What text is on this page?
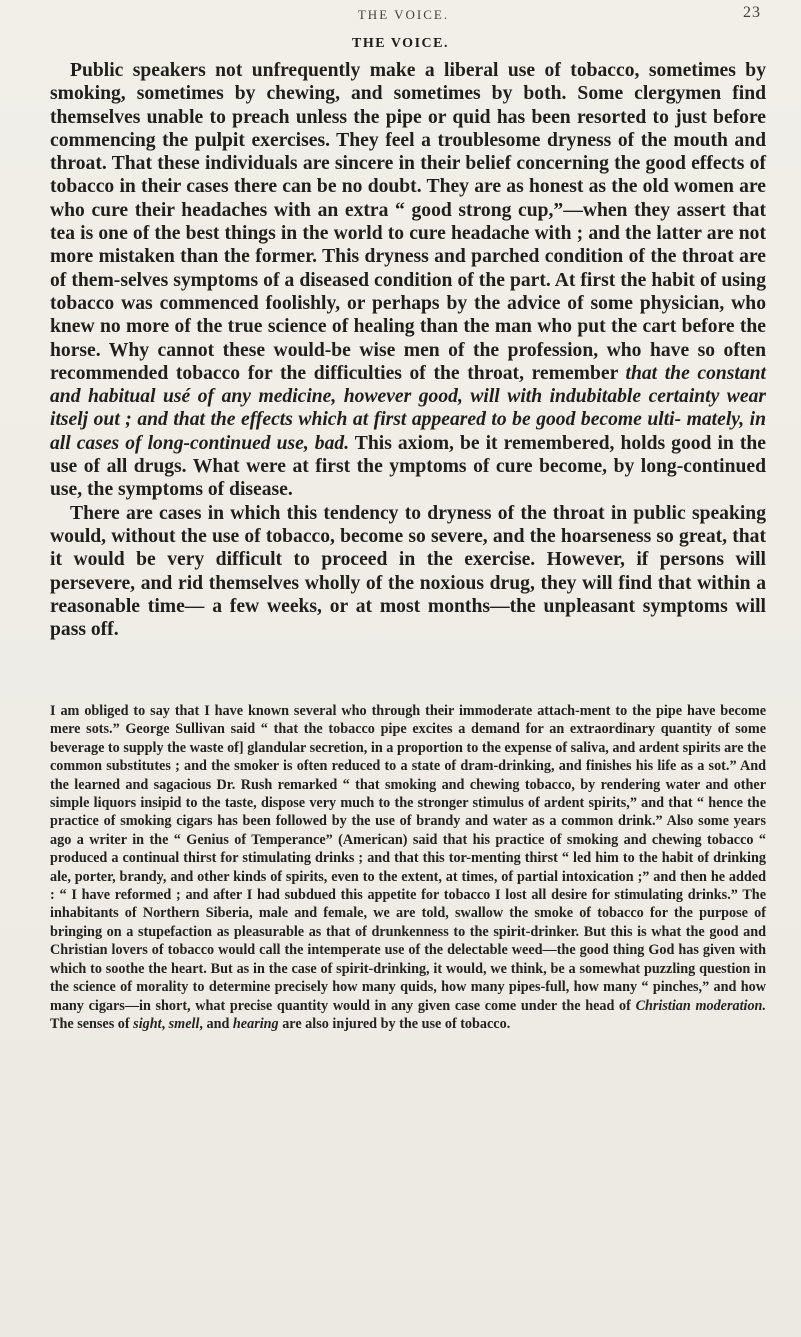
THE VOICE.	23
THE VOICE.

Public speakers not unfrequently make a liberal use of tobacco, sometimes by smoking, sometimes by chewing, and sometimes by both. Some clergymen find themselves unable to preach unless the pipe or quid has been resorted to just before commencing the pulpit exercises. They feel a troublesome dryness of the mouth and throat. That these individuals are sincere in their belief concerning the good effects of tobacco in their cases there can be no doubt. They are as honest as the old women are who cure their headaches with an extra “ good strong cup,”—when they assert that tea is one of the best things in the world to cure headache with ; and the latter are not more mistaken than the former. This dryness and parched condition of the throat are of them-selves symptoms of a diseased condition of the part. At first the habit of using tobacco was commenced foolishly, or perhaps by the advice of some physician, who knew no more of the true science of healing than the man who put the cart before the horse. Why cannot these would-be wise men of the profession, who have so often recommended tobacco for the difficulties of the throat, remember that the constant and habitual usé of any medicine, however good, will with indubitable certainty wear itselj out ; and that the effects which at first appeared to be good become ulti- mately, in all cases of long-continued use, bad. This axiom, be it remembered, holds good in the use of all drugs. What were at first the ymptoms of cure become, by long-continued use, the symptoms of disease.

There are cases in which this tendency to dryness of the throat in public speaking would, without the use of tobacco, become so severe, and the hoarseness so great, that it would be very difficult to proceed in the exercise. However, if persons will persevere, and rid themselves wholly of the noxious drug, they will find that within a reasonable time— a few weeks, or at most months—the unpleasant symptoms will pass off.

I am obliged to say that I have known several who through their immoderate attach-ment to the pipe have become mere sots.” George Sullivan said “ that the tobacco pipe excites a demand for an extraordinary quantity of some beverage to supply the waste of] glandular secretion, in a proportion to the expense of saliva, and ardent spirits are the common substitutes ; and the smoker is often reduced to a state of dram-drinking, and finishes his life as a sot.” And the learned and sagacious Dr. Rush remarked “ that smoking and chewing tobacco, by rendering water and other simple liquors insipid to the taste, dispose very much to the stronger stimulus of ardent spirits,” and that “ hence the practice of smoking cigars has been followed by the use of brandy and water as a common drink.” Also some years ago a writer in the “ Genius of Temperance” (American) said that his practice of smoking and chewing tobacco “ produced a continual thirst for stimulating drinks ; and that this tor-menting thirst “ led him to the habit of drinking ale, porter, brandy, and other kinds of spirits, even to the extent, at times, of partial intoxication ;” and then he added : “ I have reformed ; and after I had subdued this appetite for tobacco I lost all desire for stimulating drinks.” The inhabitants of Northern Siberia, male and female, we are told, swallow the smoke of tobacco for the purpose of bringing on a stupefaction as pleasurable as that of drunkenness to the spirit-drinker. But this is what the good and Christian lovers of tobacco would call the intemperate use of the delectable weed—the good thing God has given with which to soothe the heart. But as in the case of spirit-drinking, it would, we think, be a somewhat puzzling question in the science of morality to determine precisely how many quids, how many pipes-full, how many “ pinches,” and how many cigars—in short, what precise quantity would in any given case come under the head of Christian moderation. The senses of sight, smell, and hearing are also injured by the use of tobacco.
